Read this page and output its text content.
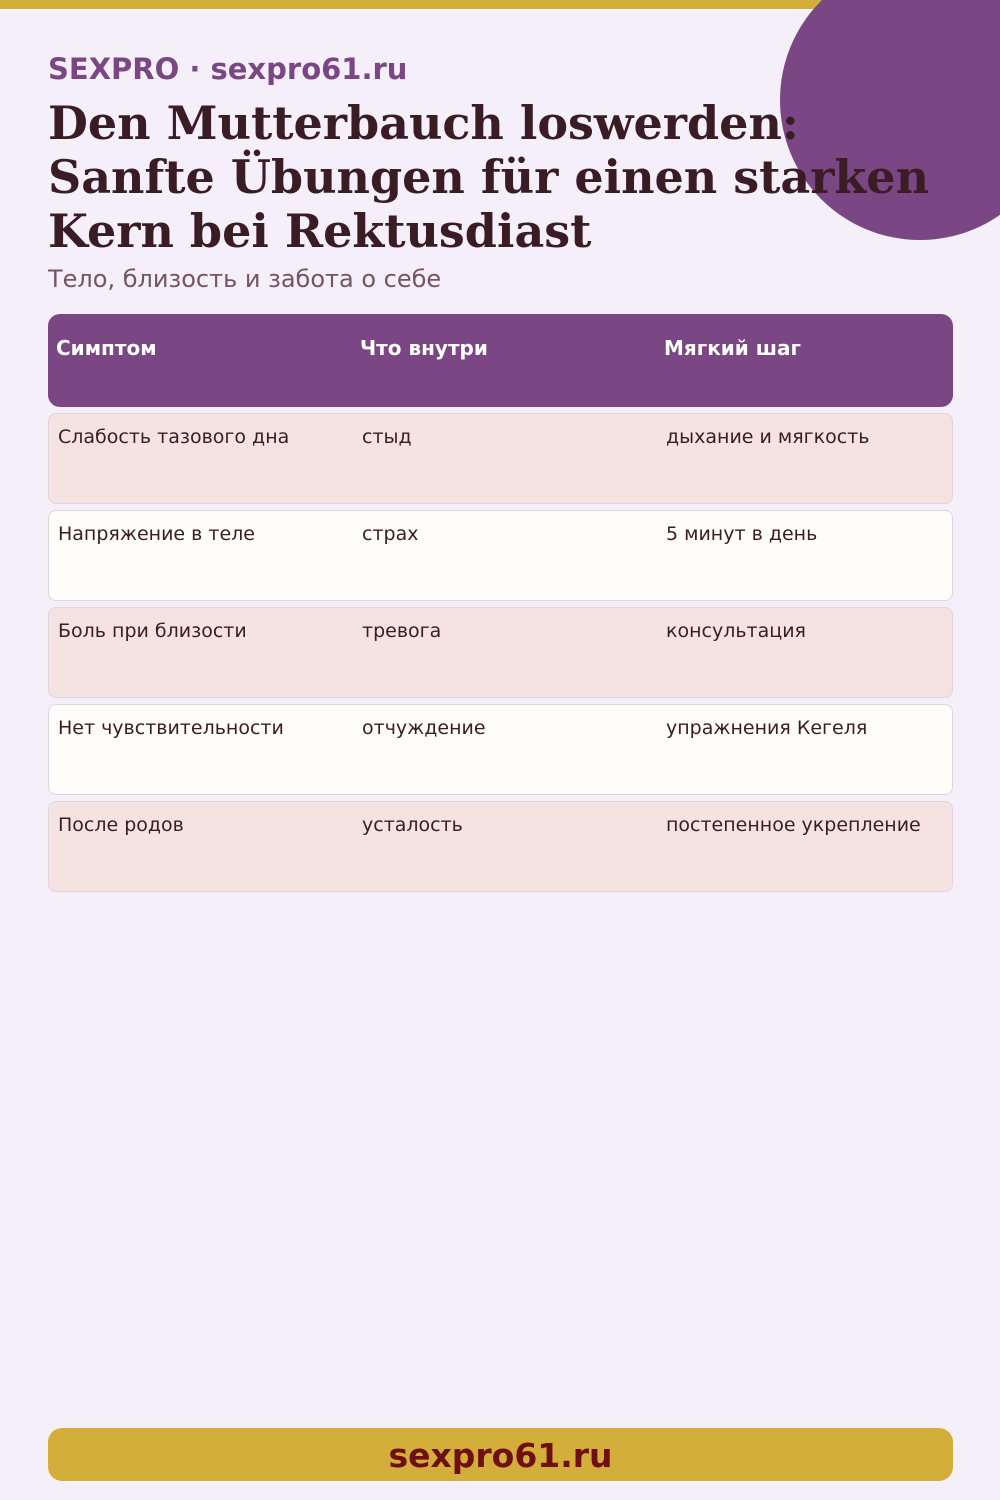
SEXPRO · sexpro61.ru
Den Mutterbauch loswerden: Sanfte Übungen für einen starken Kern bei Rektusdiast
Тело, близость и забота о себе
Симптом	Что внутри	Мягкий шаг
Слабость тазового дна	стыд	дыхание и мягкость
Напряжение в теле	страх	5 минут в день
Боль при близости	тревога	консультация
Нет чувствительности	отчуждение	упражнения Кегеля
После родов	усталость	постепенное укрепление
sexpro61.ru
